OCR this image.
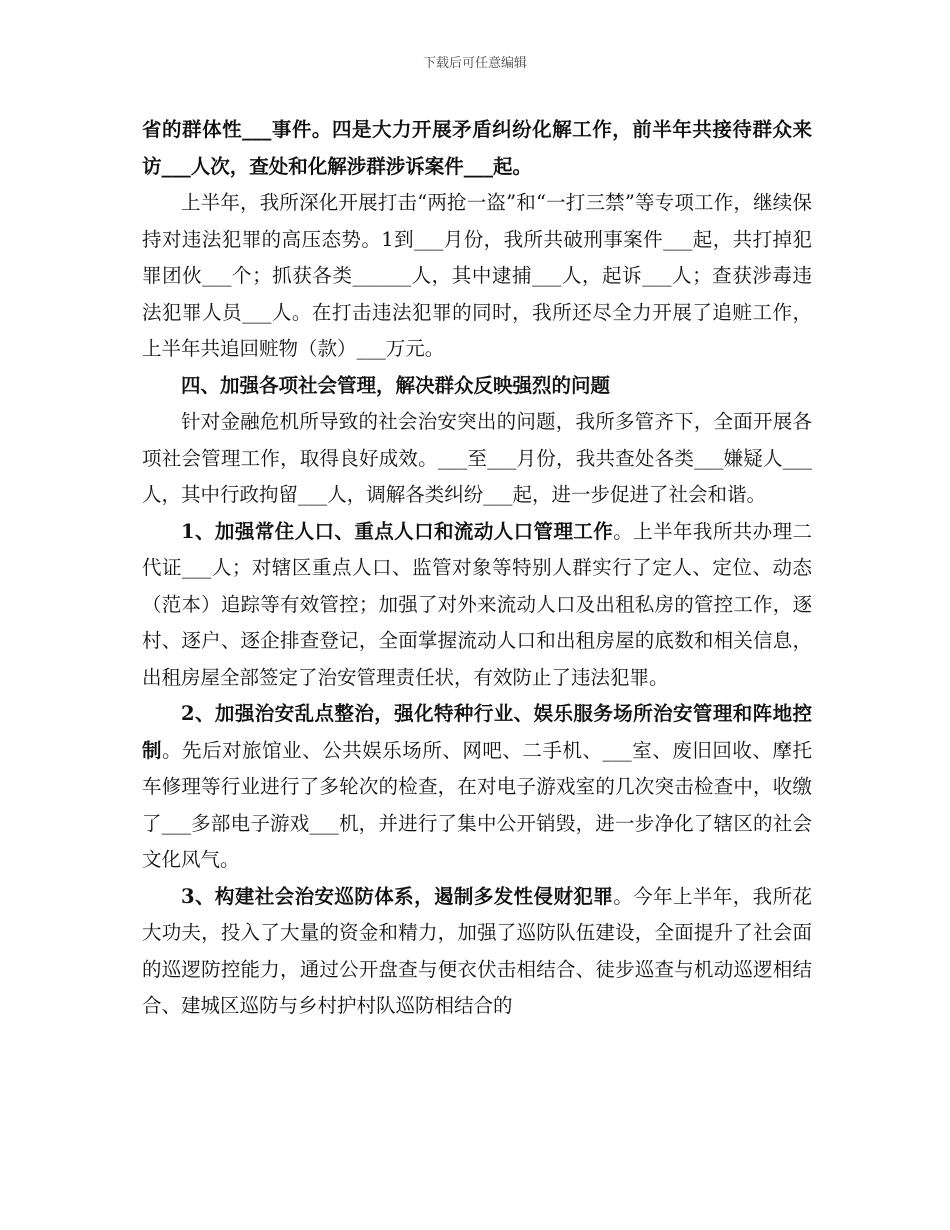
下载后可任意编辑

省的群体性___事件。四是大力开展矛盾纠纷化解工作，前半年共接待群众来访___人次，查处和化解涉群涉诉案件___起。

上半年，我所深化开展打击“两抢一盗”和“一打三禁”等专项工作，继续保持对违法犯罪的高压态势。1到___月份，我所共破刑事案件___起，共打掉犯罪团伙___个；抓获各类______人，其中逮捕___人，起诉___人；查获涉毒违法犯罪人员___人。在打击违法犯罪的同时，我所还尽全力开展了追赃工作，上半年共追回赃物（款）___万元。

四、加强各项社会管理，解决群众反映强烈的问题

针对金融危机所导致的社会治安突出的问题，我所多管齐下，全面开展各项社会管理工作，取得良好成效。___至___月份，我共查处各类___嫌疑人___人，其中行政拘留___人，调解各类纠纷___起，进一步促进了社会和谐。

1、加强常住人口、重点人口和流动人口管理工作。上半年我所共办理二代证___人；对辖区重点人口、监管对象等特别人群实行了定人、定位、动态（范本）追踪等有效管控；加强了对外来流动人口及出租私房的管控工作，逐村、逐户、逐企排查登记，全面掌握流动人口和出租房屋的底数和相关信息，出租房屋全部签定了治安管理责任状，有效防止了违法犯罪。

2、加强治安乱点整治，强化特种行业、娱乐服务场所治安管理和阵地控制。先后对旅馆业、公共娱乐场所、网吧、二手机、___室、废旧回收、摩托车修理等行业进行了多轮次的检查，在对电子游戏室的几次突击检查中，收缴了___多部电子游戏___机，并进行了集中公开销毁，进一步净化了辖区的社会文化风气。

3、构建社会治安巡防体系，遏制多发性侵财犯罪。今年上半年，我所花大功夫，投入了大量的资金和精力，加强了巡防队伍建设，全面提升了社会面的巡逻防控能力，通过公开盘查与便衣伏击相结合、徒步巡查与机动巡逻相结合、建城区巡防与乡村护村队巡防相结合的
